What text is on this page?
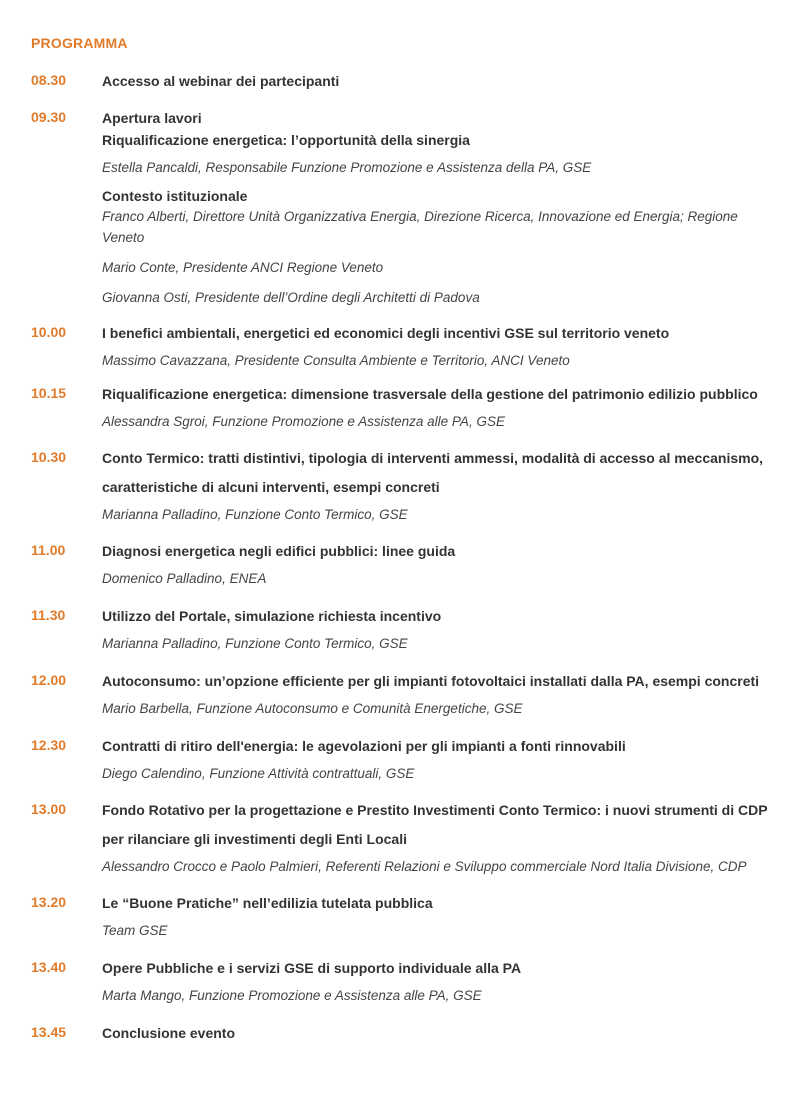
PROGRAMMA
08.30	Accesso al webinar dei partecipanti

09.30	Apertura lavori

Riqualificazione energetica: l’opportunità della sinergia

Estella Pancaldi, Responsabile Funzione Promozione e Assistenza della PA, GSE

Contesto istituzionale

Franco Alberti, Direttore Unità Organizzativa Energia, Direzione Ricerca, Innovazione ed Energia; Regione Veneto

Mario Conte, Presidente ANCI Regione Veneto

Giovanna Osti, Presidente dell’Ordine degli Architetti di Padova

10.00	I benefici ambientali, energetici ed economici degli incentivi GSE sul territorio veneto

Massimo Cavazzana, Presidente Consulta Ambiente e Territorio, ANCI Veneto

10.15	Riqualificazione energetica: dimensione trasversale della gestione del patrimonio edilizio pubblico

Alessandra Sgroi, Funzione Promozione e Assistenza alle PA, GSE

10.30	Conto Termico: tratti distintivi, tipologia di interventi ammessi, modalità di accesso al meccanismo, caratteristiche di alcuni interventi, esempi concreti

Marianna Palladino, Funzione Conto Termico, GSE

11.00	Diagnosi energetica negli edifici pubblici: linee guida

Domenico Palladino, ENEA

11.30	Utilizzo del Portale, simulazione richiesta incentivo

Marianna Palladino, Funzione Conto Termico, GSE

12.00	Autoconsumo: un’opzione efficiente per gli impianti fotovoltaici installati dalla PA, esempi concreti

Mario Barbella, Funzione Autoconsumo e Comunità Energetiche, GSE

12.30	Contratti di ritiro dell'energia: le agevolazioni per gli impianti a fonti rinnovabili

Diego Calendino, Funzione Attività contrattuali, GSE

13.00	Fondo Rotativo per la progettazione e Prestito Investimenti Conto Termico: i nuovi strumenti di CDP per rilanciare gli investimenti degli Enti Locali

Alessandro Crocco e Paolo Palmieri, Referenti Relazioni e Sviluppo commerciale Nord Italia Divisione, CDP

13.20	Le “Buone Pratiche” nell’edilizia tutelata pubblica

Team GSE

13.40	Opere Pubbliche e i servizi GSE di supporto individuale alla PA

Marta Mango, Funzione Promozione e Assistenza alle PA, GSE

13.45	Conclusione evento
